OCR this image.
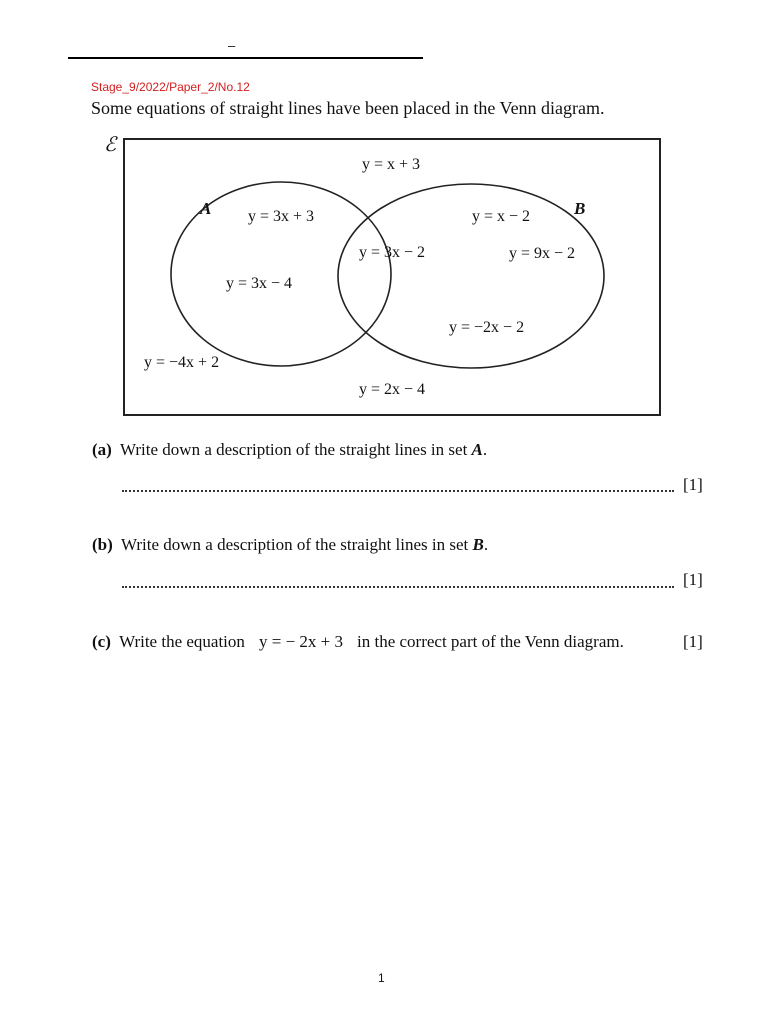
–
Stage_9/2022/Paper_2/No.12
Some equations of straight lines have been placed in the Venn diagram.
ℰ
A	B
y = x + 3
y = 3x + 3
y = 3x − 4
y = 3x − 2
y = x − 2
y = 9x − 2
y = −2x − 2
y = −4x + 2
y = 2x − 4
(a) Write down a description of the straight lines in set A.
[1]
(b) Write down a description of the straight lines in set B.
[1]
(c) Write the equation y = − 2x + 3 in the correct part of the Venn diagram.	[1]
1
